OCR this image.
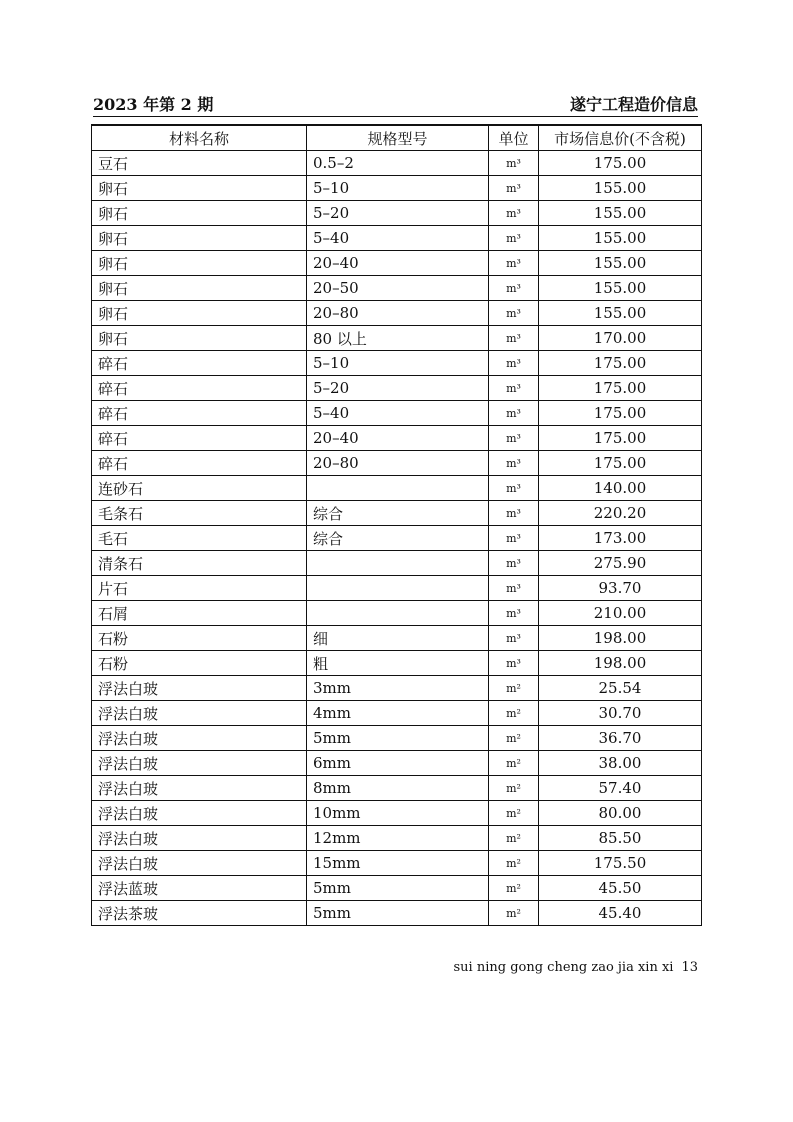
2023 年第 2 期	遂宁工程造价信息
材料名称	规格型号	单位	市场信息价(不含税)
豆石	0.5–2	m³	175.00
卵石	5–10	m³	155.00
卵石	5–20	m³	155.00
卵石	5–40	m³	155.00
卵石	20–40	m³	155.00
卵石	20–50	m³	155.00
卵石	20–80	m³	155.00
卵石	80 以上	m³	170.00
碎石	5–10	m³	175.00
碎石	5–20	m³	175.00
碎石	5–40	m³	175.00
碎石	20–40	m³	175.00
碎石	20–80	m³	175.00
连砂石		m³	140.00
毛条石	综合	m³	220.20
毛石	综合	m³	173.00
清条石		m³	275.90
片石		m³	93.70
石屑		m³	210.00
石粉	细	m³	198.00
石粉	粗	m³	198.00
浮法白玻	3mm	m²	25.54
浮法白玻	4mm	m²	30.70
浮法白玻	5mm	m²	36.70
浮法白玻	6mm	m²	38.00
浮法白玻	8mm	m²	57.40
浮法白玻	10mm	m²	80.00
浮法白玻	12mm	m²	85.50
浮法白玻	15mm	m²	175.50
浮法蓝玻	5mm	m²	45.50
浮法茶玻	5mm	m²	45.40
sui ning gong cheng zao jia xin xi 13
